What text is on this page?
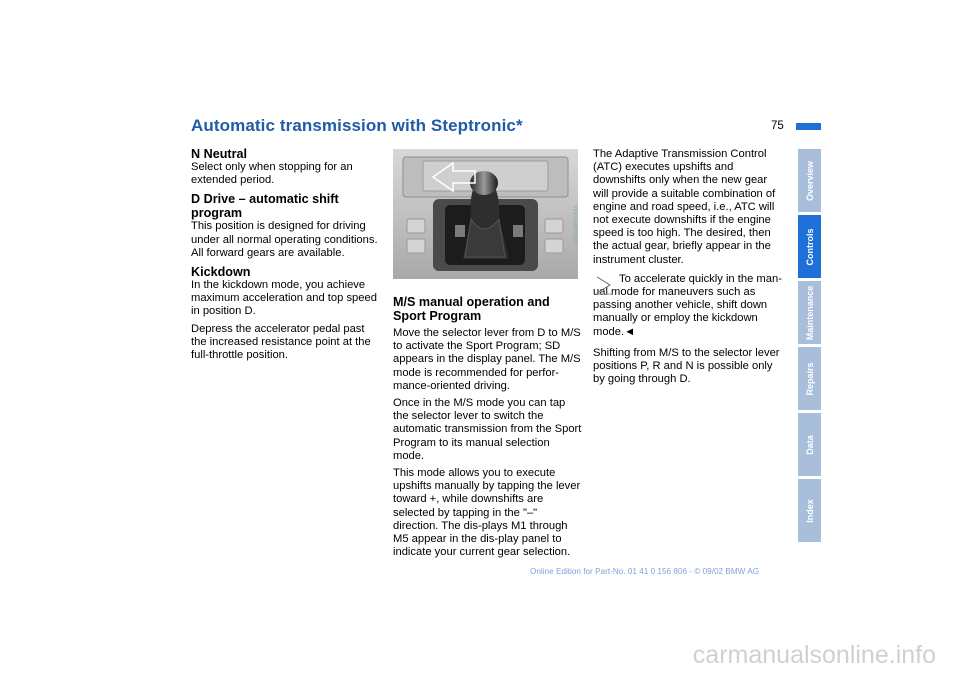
Automatic transmission with Steptronic*	75
N Neutral

Select only when stopping for an extended period.

D Drive – automatic shift program

This position is designed for driving under all normal operating conditions. All forward gears are available.

Kickdown

In the kickdown mode, you achieve maximum acceleration and top speed in position D.

Depress the accelerator pedal past the increased resistance point at the full-throttle position.

MV00495CMA
M/S manual operation and Sport Program

Move the selector lever from D to M/S to activate the Sport Program; SD appears in the display panel. The M/S mode is recommended for perfor-mance-oriented driving.

Once in the M/S mode you can tap the selector lever to switch the automatic transmission from the Sport Program to its manual selection mode.

This mode allows you to execute upshifts manually by tapping the lever toward +, while downshifts are selected by tapping in the "–" direction. The dis-plays M1 through M5 appear in the dis-play panel to indicate your current gear selection.

The Adaptive Transmission Control (ATC) executes upshifts and downshifts only when the new gear will provide a suitable combination of engine and road speed, i.e., ATC will not execute downshifts if the engine speed is too high. The desired, then the actual gear, briefly appear in the instrument cluster.

To accelerate quickly in the man-ual mode for maneuvers such as passing another vehicle, shift down manually or employ the kickdown mode.◄

Shifting from M/S to the selector lever positions P, R and N is possible only by going through D.

Overview
Controls
Maintenance
Repairs
Data
Index
Online Edition for Part-No. 01 41 0 156 806 - © 09/02 BMW AG
carmanualsonline.info
